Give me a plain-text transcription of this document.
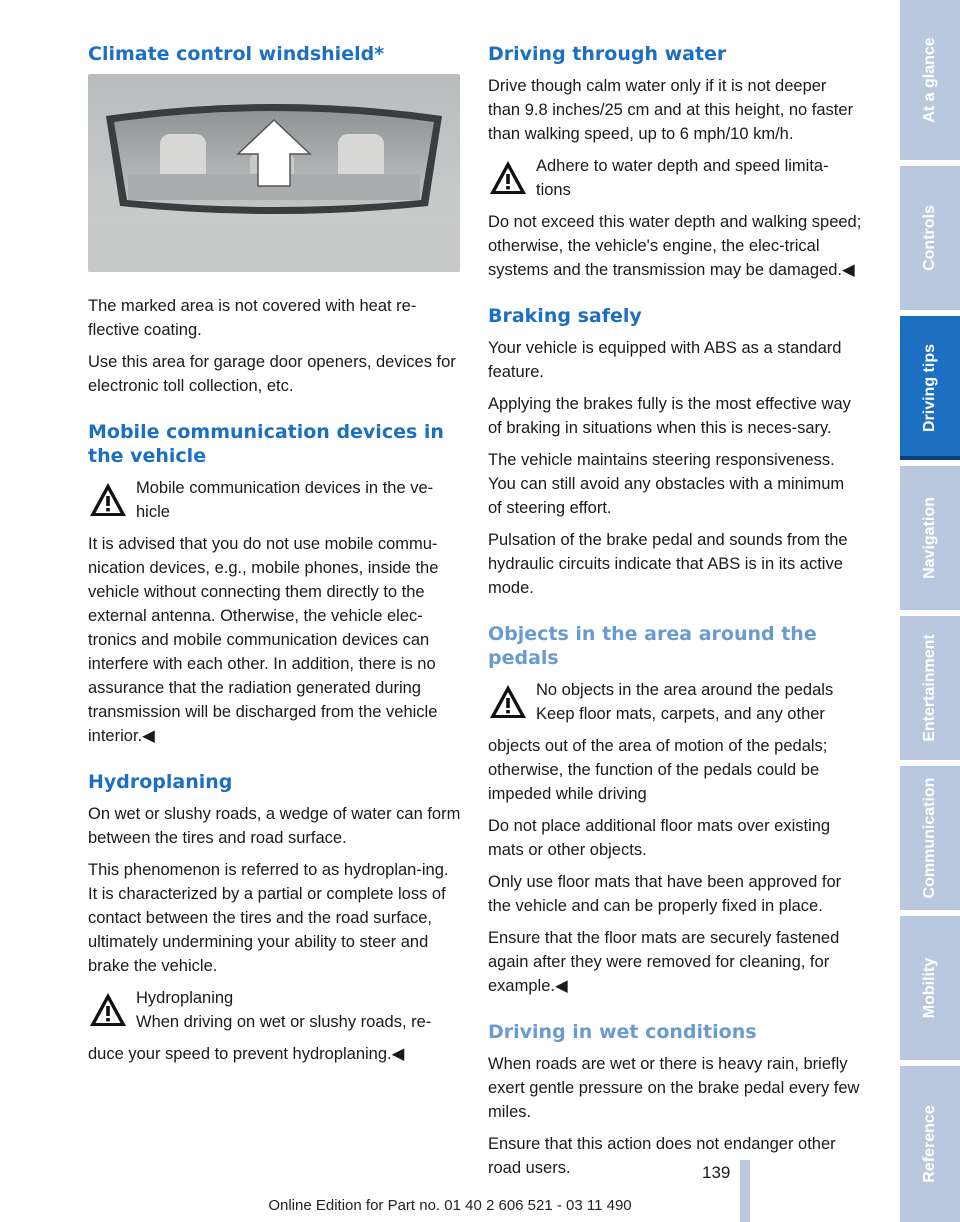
Climate control windshield*

The marked area is not covered with heat re-flective coating.

Use this area for garage door openers, devices for electronic toll collection, etc.

Mobile communication devices in the vehicle

Mobile communication devices in the ve-hicle

It is advised that you do not use mobile commu-nication devices, e.g., mobile phones, inside the vehicle without connecting them directly to the external antenna. Otherwise, the vehicle elec-tronics and mobile communication devices can interfere with each other. In addition, there is no assurance that the radiation generated during transmission will be discharged from the vehicle interior.◀

Hydroplaning

On wet or slushy roads, a wedge of water can form between the tires and road surface.

This phenomenon is referred to as hydroplan-ing. It is characterized by a partial or complete loss of contact between the tires and the road surface, ultimately undermining your ability to steer and brake the vehicle.

Hydroplaning

When driving on wet or slushy roads, re-

duce your speed to prevent hydroplaning.◀

Driving through water

Drive though calm water only if it is not deeper than 9.8 inches/25 cm and at this height, no faster than walking speed, up to 6 mph/10 km/h.

Adhere to water depth and speed limita-tions

Do not exceed this water depth and walking speed; otherwise, the vehicle's engine, the elec-trical systems and the transmission may be damaged.◀

Braking safely

Your vehicle is equipped with ABS as a standard feature.

Applying the brakes fully is the most effective way of braking in situations when this is neces-sary.

The vehicle maintains steering responsiveness. You can still avoid any obstacles with a minimum of steering effort.

Pulsation of the brake pedal and sounds from the hydraulic circuits indicate that ABS is in its active mode.

Objects in the area around the pedals

No objects in the area around the pedals

Keep floor mats, carpets, and any other

objects out of the area of motion of the pedals; otherwise, the function of the pedals could be impeded while driving

Do not place additional floor mats over existing mats or other objects.

Only use floor mats that have been approved for the vehicle and can be properly fixed in place.

Ensure that the floor mats are securely fastened again after they were removed for cleaning, for example.◀

Driving in wet conditions

When roads are wet or there is heavy rain, briefly exert gentle pressure on the brake pedal every few miles.

Ensure that this action does not endanger other road users.

At a glance
Controls
Driving tips
Navigation
Entertainment
Communication
Mobility
Reference
139
Online Edition for Part no. 01 40 2 606 521 - 03 11 490
